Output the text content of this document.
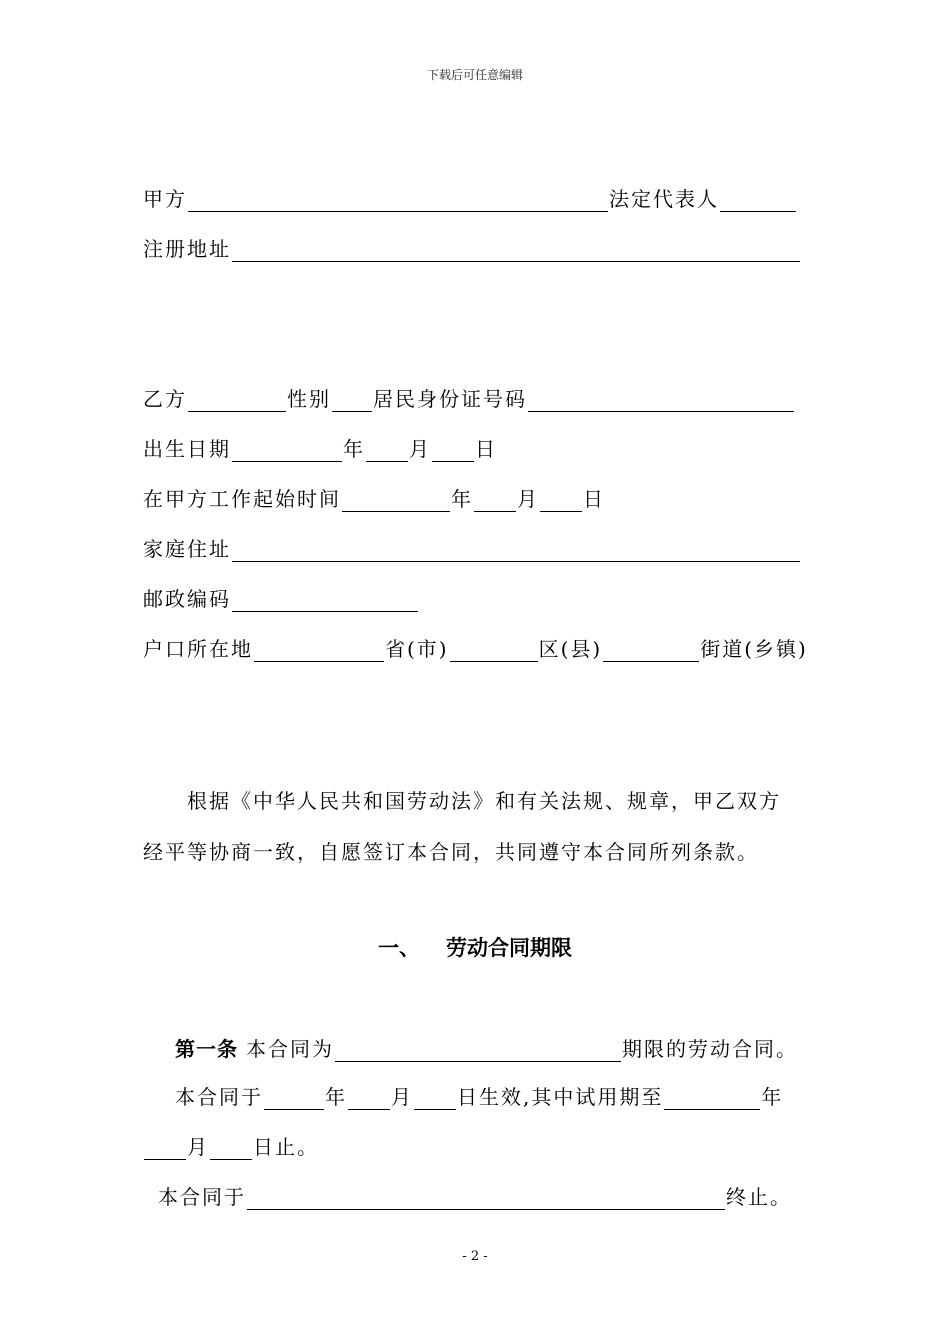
下载后可任意编辑
甲方	法定代表人
注册地址
乙方	性别 居民身份证号码
出生日期	年 月 日
在甲方工作起始时间	年 月 日
家庭住址
邮政编码
户口所在地	省(市)	区(县)	街道(乡镇)
根据《中华人民共和国劳动法》和有关法规、规章，甲乙双方
经平等协商一致，自愿签订本合同，共同遵守本合同所列条款。
一、 劳动合同期限
第一条 本合同为	期限的劳动合同。
本合同于	年 月 日生效,其中试用期至	年
月 日止。
本合同于	终止。
- 2 -
